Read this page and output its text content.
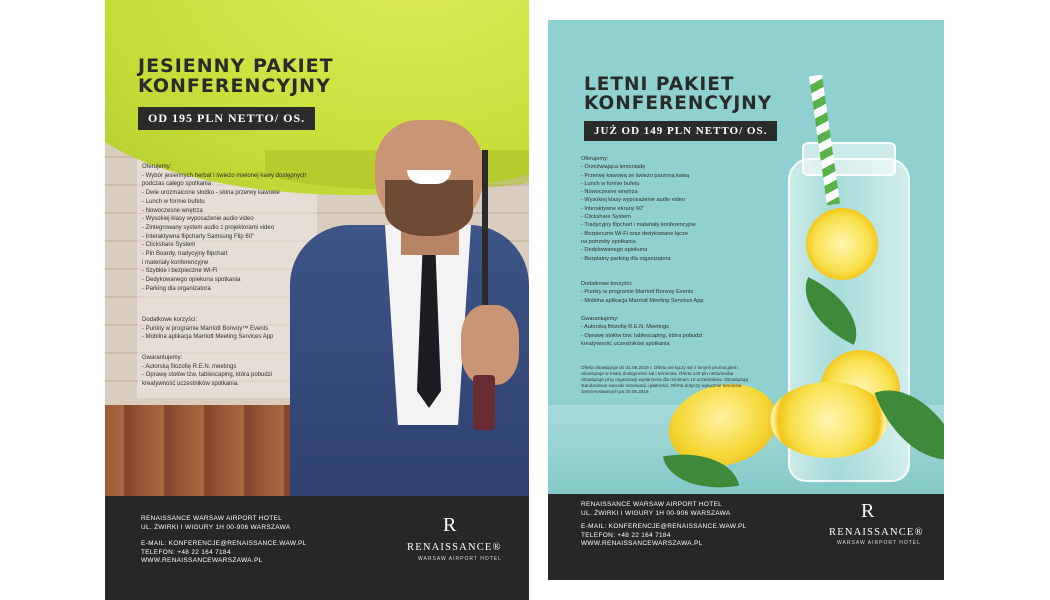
JESIENNY PAKIET
KONFERENCYJNY
OD 195 PLN NETTO/ OS.
Oferujemy:
- Wybór jesiennych herbat i świeżo mielonej kawy dostępnych
podczas całego spotkania
- Dwie urozmaicone słodko - słona przerwy kawowe
- Lunch w formie bufetu
- Nowoczesne wnętrza
- Wysokiej klasy wyposażenie audio video
- Zintegrowany system audio z projektorami video
- Interaktywna flipcharty Samsung Flip 60"
- Clickshare System
- Pin Boardy, tradycyjny flipchart
i materiały konferencyjne
- Szybkie i bezpieczne Wi-Fi
- Dedykowanego opiekuna spotkania
- Parking dla organizatora
Dodatkowe korzyści:
- Punkty w programie Marriott Bonvoy™ Events
- Mobilna aplikacja Marriott Meeting Services App
Gwarantujemy:
- Autorską filozofię R.E.N. meetings
- Oprawę stołów tzw. tablescaping, która pobudzi
kreatywność uczestników spotkania.
RENAISSANCE WARSAW AIRPORT HOTEL
UL. ŻWIRKI I WIGURY 1H 00-906 WARSZAWA
E-MAIL: KONFERENCJE@RENAISSANCE.WAW.PL
TELEFON: +48 22 164 7184
WWW.RENAISSANCEWARSZAWA.PL
R
RENAISSANCE®
WARSAW AIRPORT HOTEL
LETNI PAKIET
KONFERENCYJNY
JUŻ OD 149 PLN NETTO/ OS.
Oferujemy:
- Orzeźwiająca lemoniadę
- Przerwę kawową ze świeżo parzoną kawą
- Lunch w formie bufetu
- Nowoczesne wnętrza
- Wysokiej klasy wyposażenie audio video
- Interaktywne ekrany 60"
- Clickshare System
- Tradycyjny flipchart i materiały konferencyjne
- Bezpieczne Wi-Fi oraz dedykowane łącze
na potrzeby spotkania
- Dedykowanego opiekuna
- Bezpłatny parking dla organizatora
Dodatkowe korzyści:
- Punkty w programie Marriott Bonvoy Events
- Mobilna aplikacja Marriott Meeting Services App
Gwarantujemy:
- Autorską filozofię R.E.N. Meetings
- Oprawę stołów tzw. tablescaping, która pobudzi
kreatywność uczestników spotkania
Oferta obowiązuje do 31.08.2019 r. Oferta nie łączy się z innymi promocjami i obowiązuje w miarę dostępności sal i terminów. Oferta 149 pln netto/osoba obowiązuje przy organizacji wydarzenia dla minimum 10 uczestników. Obowiązują standardowe warunki rezerwacji i płatności. Oferta dotyczy wyłącznie terminów zarezerwowanych po 20.06.2019.
RENAISSANCE WARSAW AIRPORT HOTEL
UL. ŻWIRKI I WIGURY 1H 00-906 WARSZAWA
E-MAIL: KONFERENCJE@RENAISSANCE.WAW.PL
TELEFON: +48 22 164 7184
WWW.RENAISSANCEWARSZAWA.PL
R
RENAISSANCE®
WARSAW AIRPORT HOTEL
